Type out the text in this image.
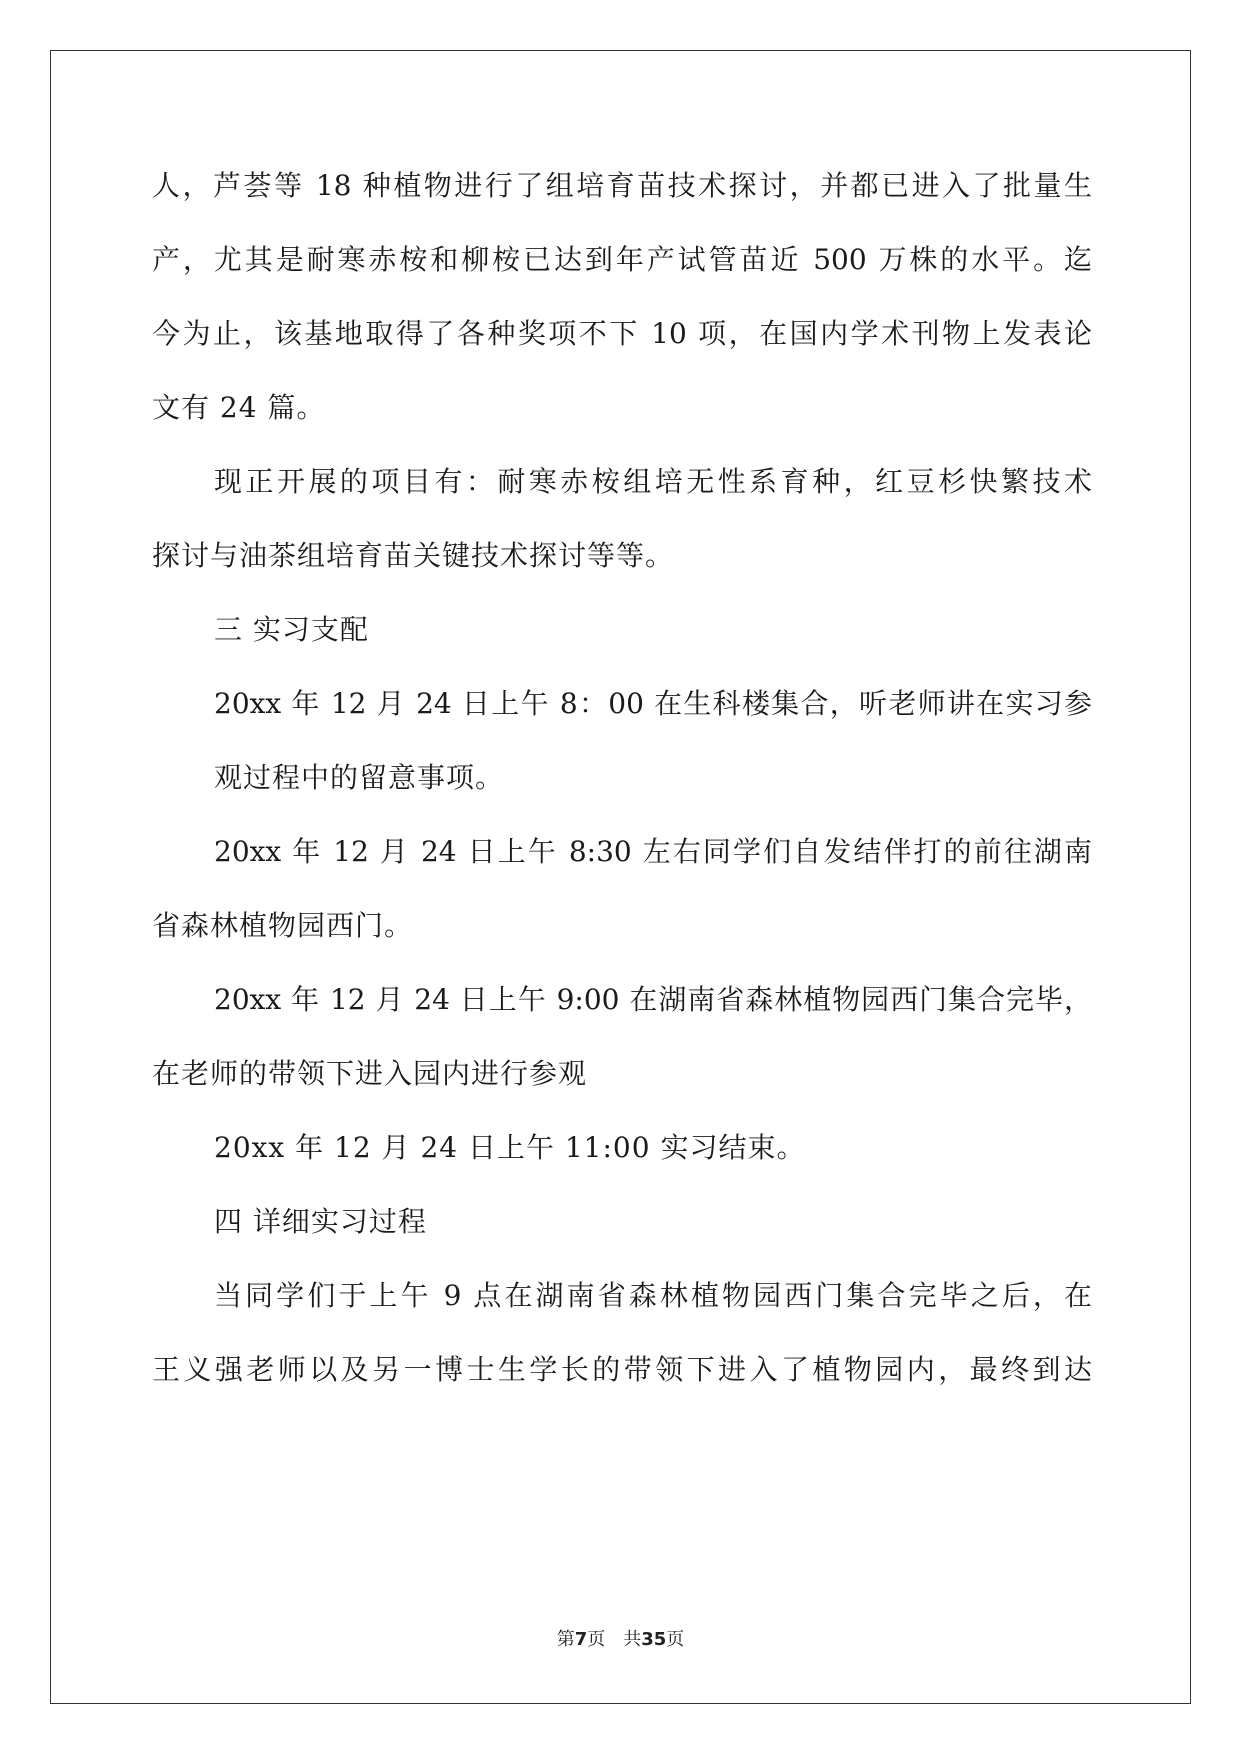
人，芦荟等 18 种植物进行了组培育苗技术探讨，并都已进入了批量生
产，尤其是耐寒赤桉和柳桉已达到年产试管苗近 500 万株的水平。迄
今为止，该基地取得了各种奖项不下 10 项，在国内学术刊物上发表论
文有 24 篇。
现正开展的项目有：耐寒赤桉组培无性系育种，红豆杉快繁技术
探讨与油茶组培育苗关键技术探讨等等。
三 实习支配
20xx 年 12 月 24 日上午 8：00 在生科楼集合，听老师讲在实习参
观过程中的留意事项。
20xx 年 12 月 24 日上午 8:30 左右同学们自发结伴打的前往湖南
省森林植物园西门。
20xx 年 12 月 24 日上午 9:00 在湖南省森林植物园西门集合完毕，
在老师的带领下进入园内进行参观
20xx 年 12 月 24 日上午 11:00 实习结束。
四 详细实习过程
当同学们于上午 9 点在湖南省森林植物园西门集合完毕之后，在
王义强老师以及另一博士生学长的带领下进入了植物园内，最终到达
第7页 共35页
